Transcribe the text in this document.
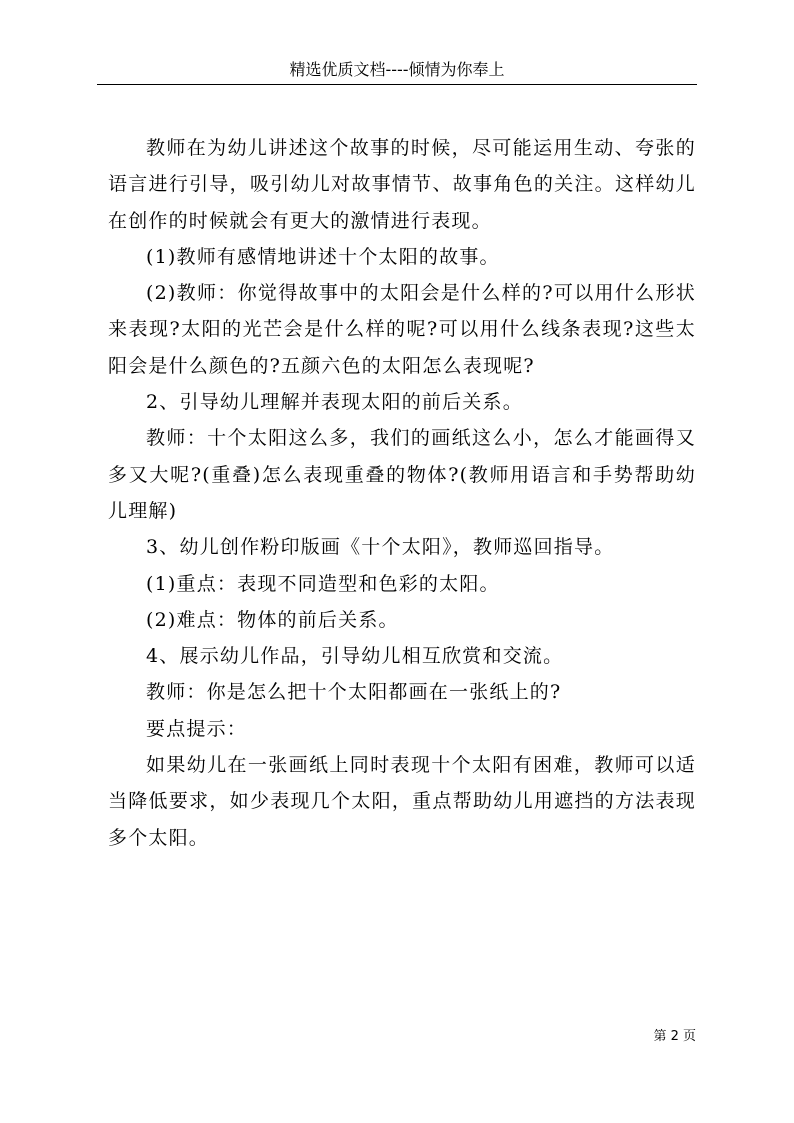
精选优质文档----倾情为你奉上

教师在为幼儿讲述这个故事的时候，尽可能运用生动、夸张的语言进行引导，吸引幼儿对故事情节、故事角色的关注。这样幼儿在创作的时候就会有更大的激情进行表现。

(1)教师有感情地讲述十个太阳的故事。

(2)教师：你觉得故事中的太阳会是什么样的?可以用什么形状来表现?太阳的光芒会是什么样的呢?可以用什么线条表现?这些太阳会是什么颜色的?五颜六色的太阳怎么表现呢?

2、引导幼儿理解并表现太阳的前后关系。

教师：十个太阳这么多，我们的画纸这么小，怎么才能画得又多又大呢?(重叠)怎么表现重叠的物体?(教师用语言和手势帮助幼儿理解)

3、幼儿创作粉印版画《十个太阳》，教师巡回指导。

(1)重点：表现不同造型和色彩的太阳。

(2)难点：物体的前后关系。

4、展示幼儿作品，引导幼儿相互欣赏和交流。

教师：你是怎么把十个太阳都画在一张纸上的?

要点提示：

如果幼儿在一张画纸上同时表现十个太阳有困难，教师可以适当降低要求，如少表现几个太阳，重点帮助幼儿用遮挡的方法表现多个太阳。

第 2 页
